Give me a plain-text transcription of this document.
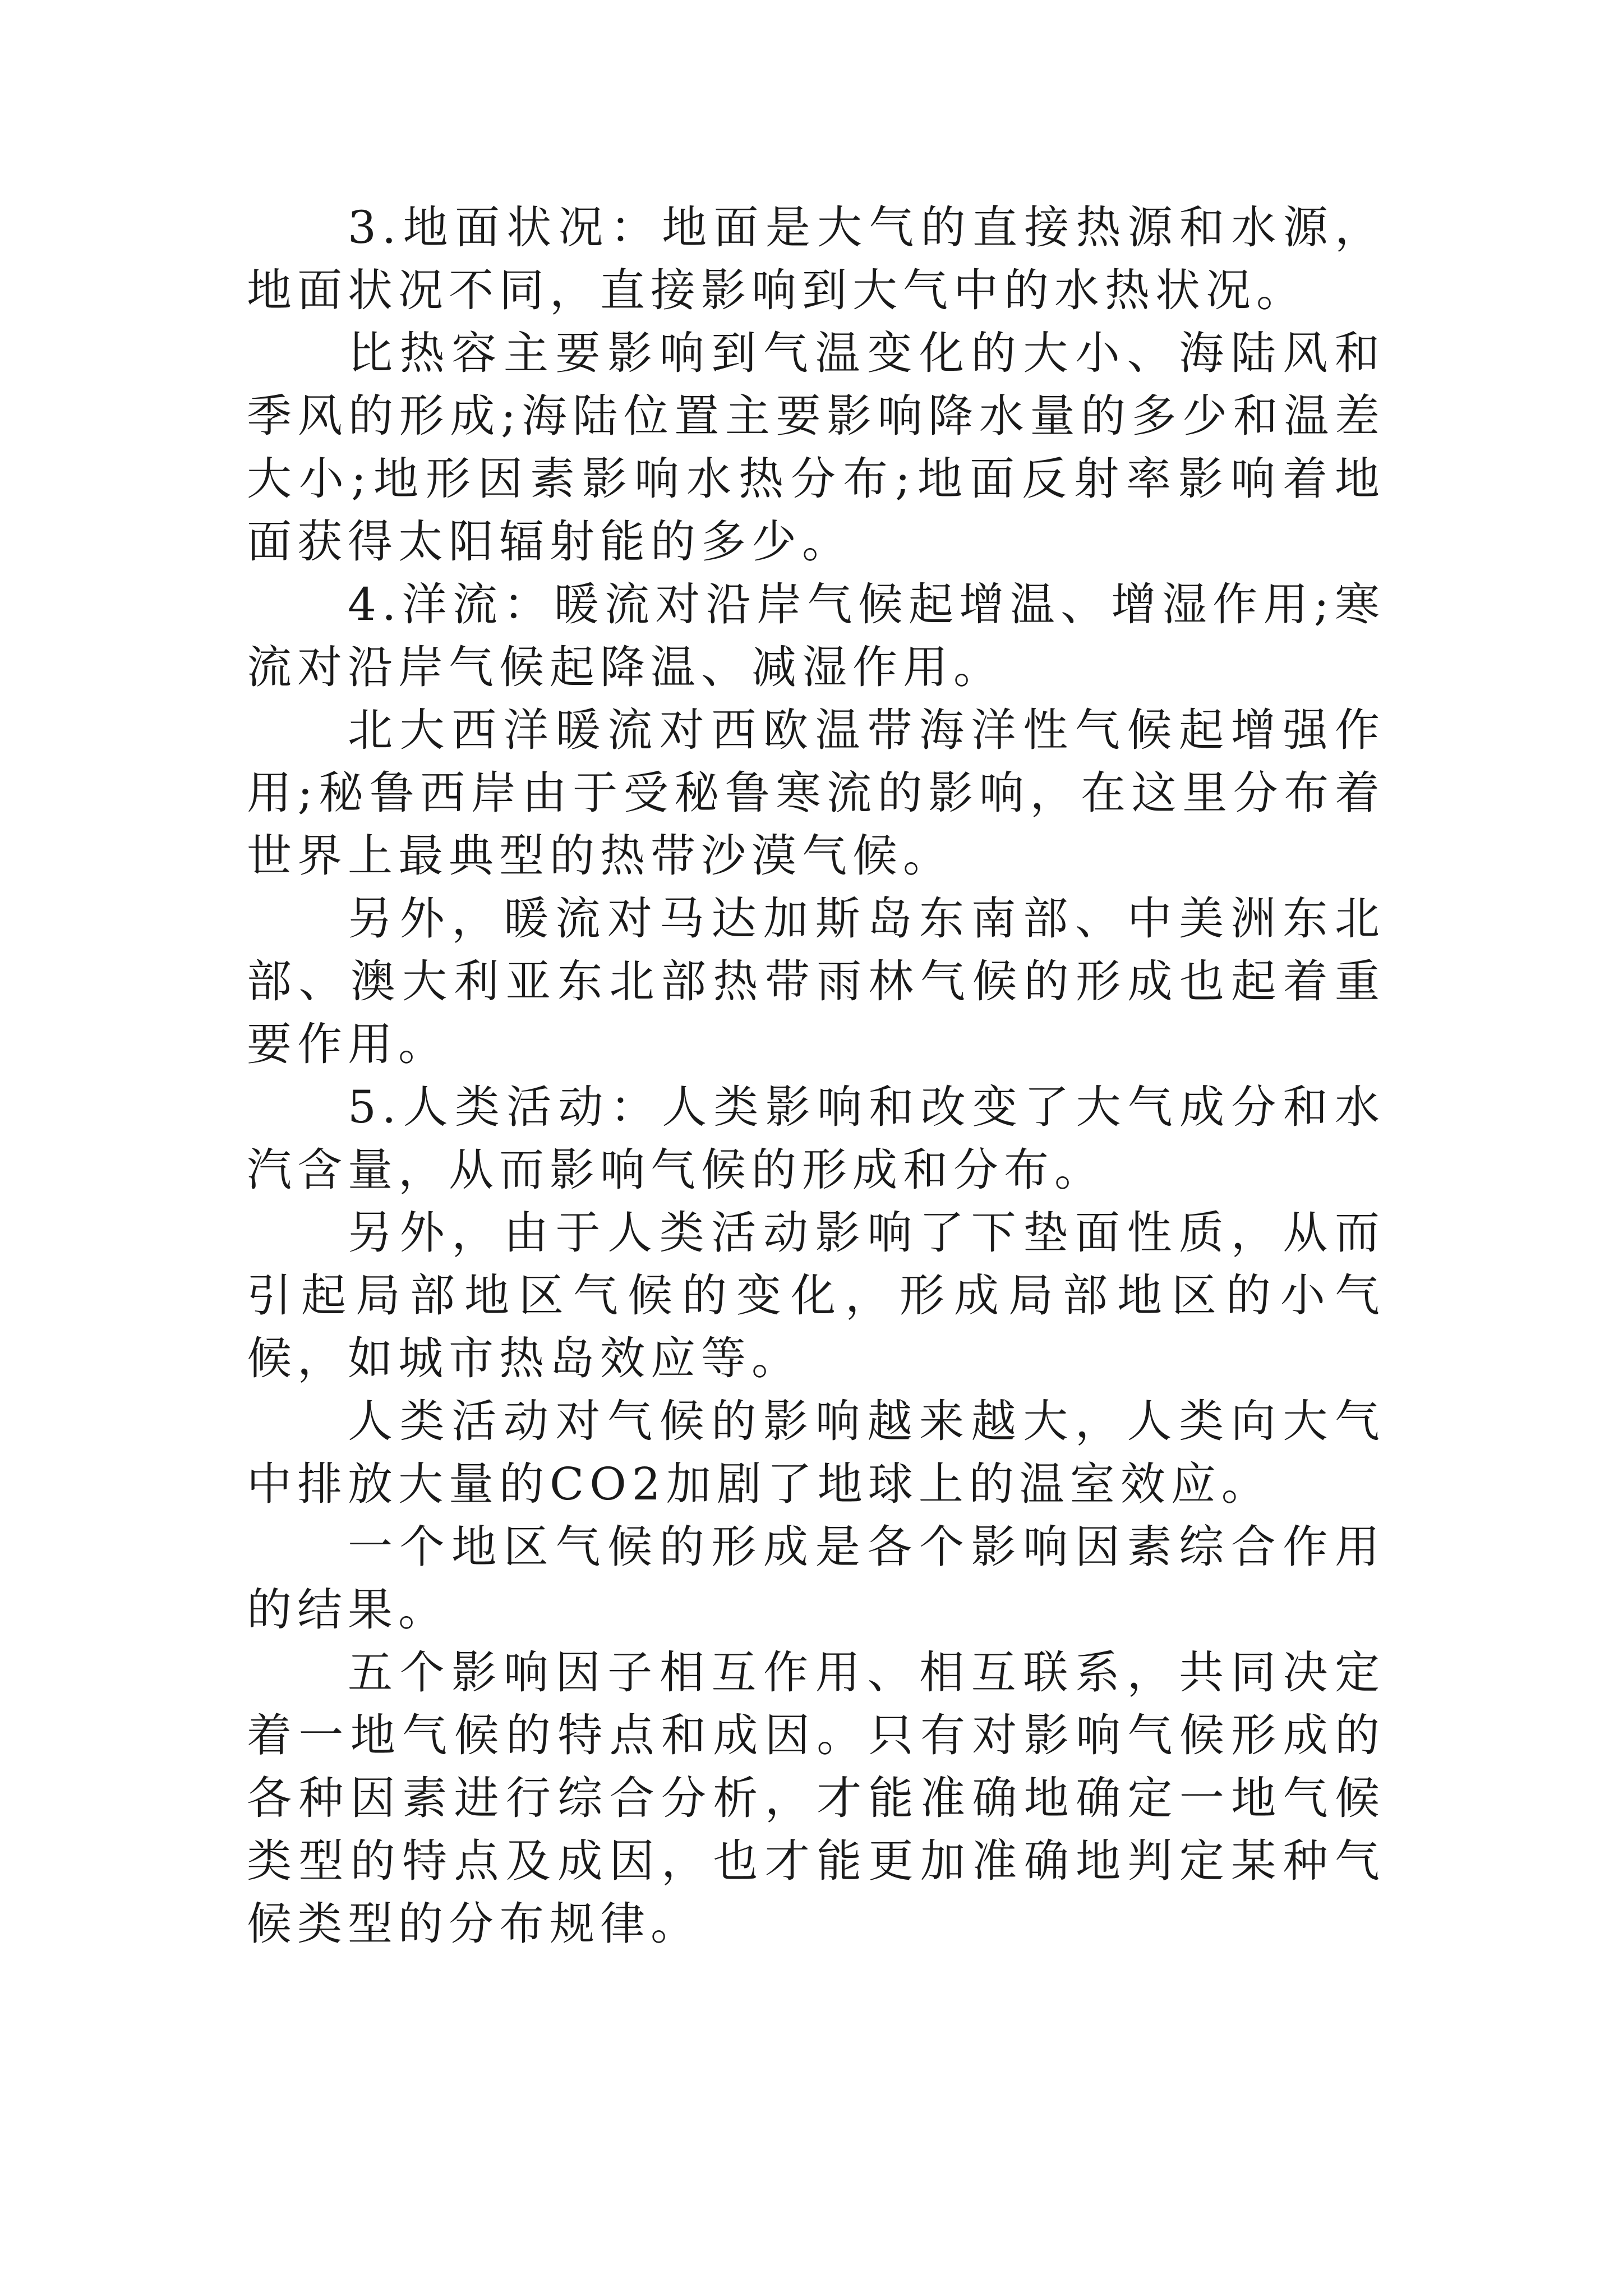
3.地面状况：地面是大气的直接热源和水源，地面状况不同，直接影响到大气中的水热状况。

比热容主要影响到气温变化的大小、海陆风和季风的形成;海陆位置主要影响降水量的多少和温差大小;地形因素影响水热分布;地面反射率影响着地面获得太阳辐射能的多少。

4.洋流：暖流对沿岸气候起增温、增湿作用;寒流对沿岸气候起降温、减湿作用。

北大西洋暖流对西欧温带海洋性气候起增强作用;秘鲁西岸由于受秘鲁寒流的影响，在这里分布着世界上最典型的热带沙漠气候。

另外，暖流对马达加斯岛东南部、中美洲东北部、澳大利亚东北部热带雨林气候的形成也起着重要作用。

5.人类活动：人类影响和改变了大气成分和水汽含量，从而影响气候的形成和分布。

另外，由于人类活动影响了下垫面性质，从而引起局部地区气候的变化，形成局部地区的小气候，如城市热岛效应等。

人类活动对气候的影响越来越大，人类向大气中排放大量的CO2加剧了地球上的温室效应。

一个地区气候的形成是各个影响因素综合作用的结果。

五个影响因子相互作用、相互联系，共同决定着一地气候的特点和成因。只有对影响气候形成的各种因素进行综合分析，才能准确地确定一地气候类型的特点及成因，也才能更加准确地判定某种气候类型的分布规律。
